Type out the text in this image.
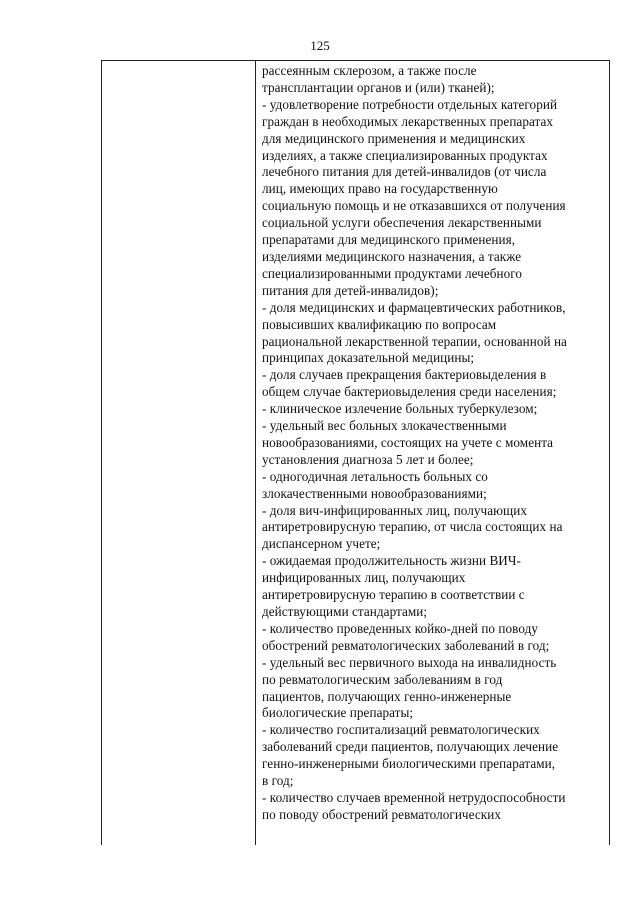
125
рассеянным склерозом, а также после
трансплантации органов и (или) тканей);
- удовлетворение потребности отдельных категорий
граждан в необходимых лекарственных препаратах
для медицинского применения и медицинских
изделиях, а также специализированных продуктах
лечебного питания для детей-инвалидов (от числа
лиц, имеющих право на государственную
социальную помощь и не отказавшихся от получения
социальной услуги обеспечения лекарственными
препаратами для медицинского применения,
изделиями медицинского назначения, а также
специализированными продуктами лечебного
питания для детей-инвалидов);
- доля медицинских и фармацевтических работников,
повысивших квалификацию по вопросам
рациональной лекарственной терапии, основанной на
принципах доказательной медицины;
- доля случаев прекращения бактериовыделения в
общем случае бактериовыделения среди населения;
- клиническое излечение больных туберкулезом;
- удельный вес больных злокачественными
новообразованиями, состоящих на учете с момента
установления диагноза 5 лет и более;
- одногодичная летальность больных со
злокачественными новообразованиями;
- доля вич-инфицированных лиц, получающих
антиретровирусную терапию, от числа состоящих на
диспансерном учете;
- ожидаемая продолжительность жизни ВИЧ-
инфицированных лиц, получающих
антиретровирусную терапию в соответствии с
действующими стандартами;
- количество проведенных койко-дней по поводу
обострений ревматологических заболеваний в год;
- удельный вес первичного выхода на инвалидность
по ревматологическим заболеваниям в год
пациентов, получающих генно-инженерные
биологические препараты;
- количество госпитализаций ревматологических
заболеваний среди пациентов, получающих лечение
генно-инженерными биологическими препаратами,
в год;
- количество случаев временной нетрудоспособности
по поводу обострений ревматологических
